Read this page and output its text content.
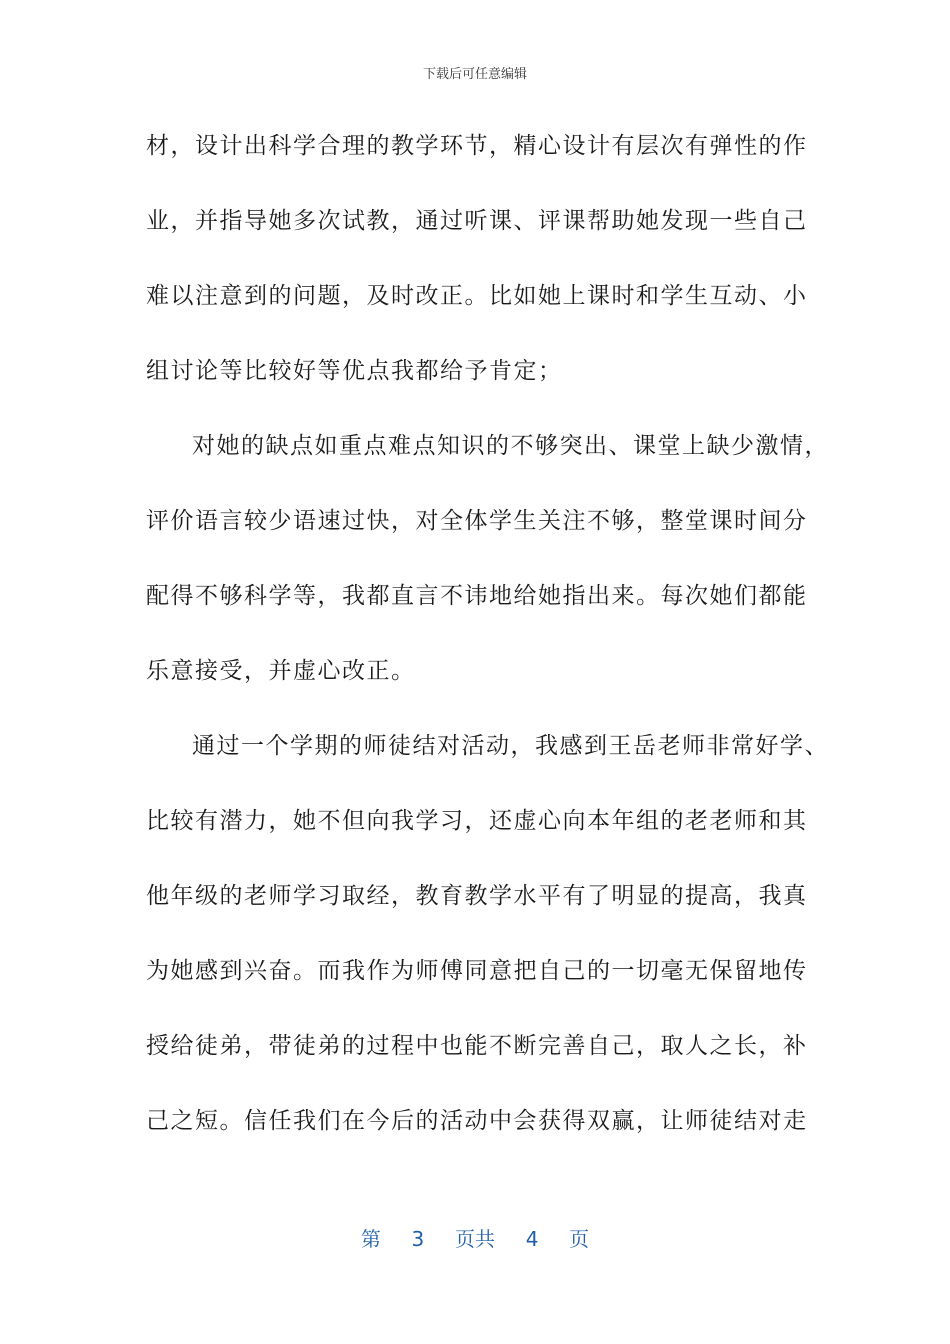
下载后可任意编辑
材，设计出科学合理的教学环节，精心设计有层次有弹性的作
业，并指导她多次试教，通过听课、评课帮助她发现一些自己
难以注意到的问题，及时改正。比如她上课时和学生互动、小
组讨论等比较好等优点我都给予肯定；
对她的缺点如重点难点知识的不够突出、课堂上缺少激情，
评价语言较少语速过快，对全体学生关注不够，整堂课时间分
配得不够科学等，我都直言不讳地给她指出来。每次她们都能
乐意接受，并虚心改正。
通过一个学期的师徒结对活动，我感到王岳老师非常好学、
比较有潜力，她不但向我学习，还虚心向本年组的老老师和其
他年级的老师学习取经，教育教学水平有了明显的提高，我真
为她感到兴奋。而我作为师傅同意把自己的一切毫无保留地传
授给徒弟，带徒弟的过程中也能不断完善自己，取人之长，补
己之短。信任我们在今后的活动中会获得双赢，让师徒结对走
第 3 页共 4 页
